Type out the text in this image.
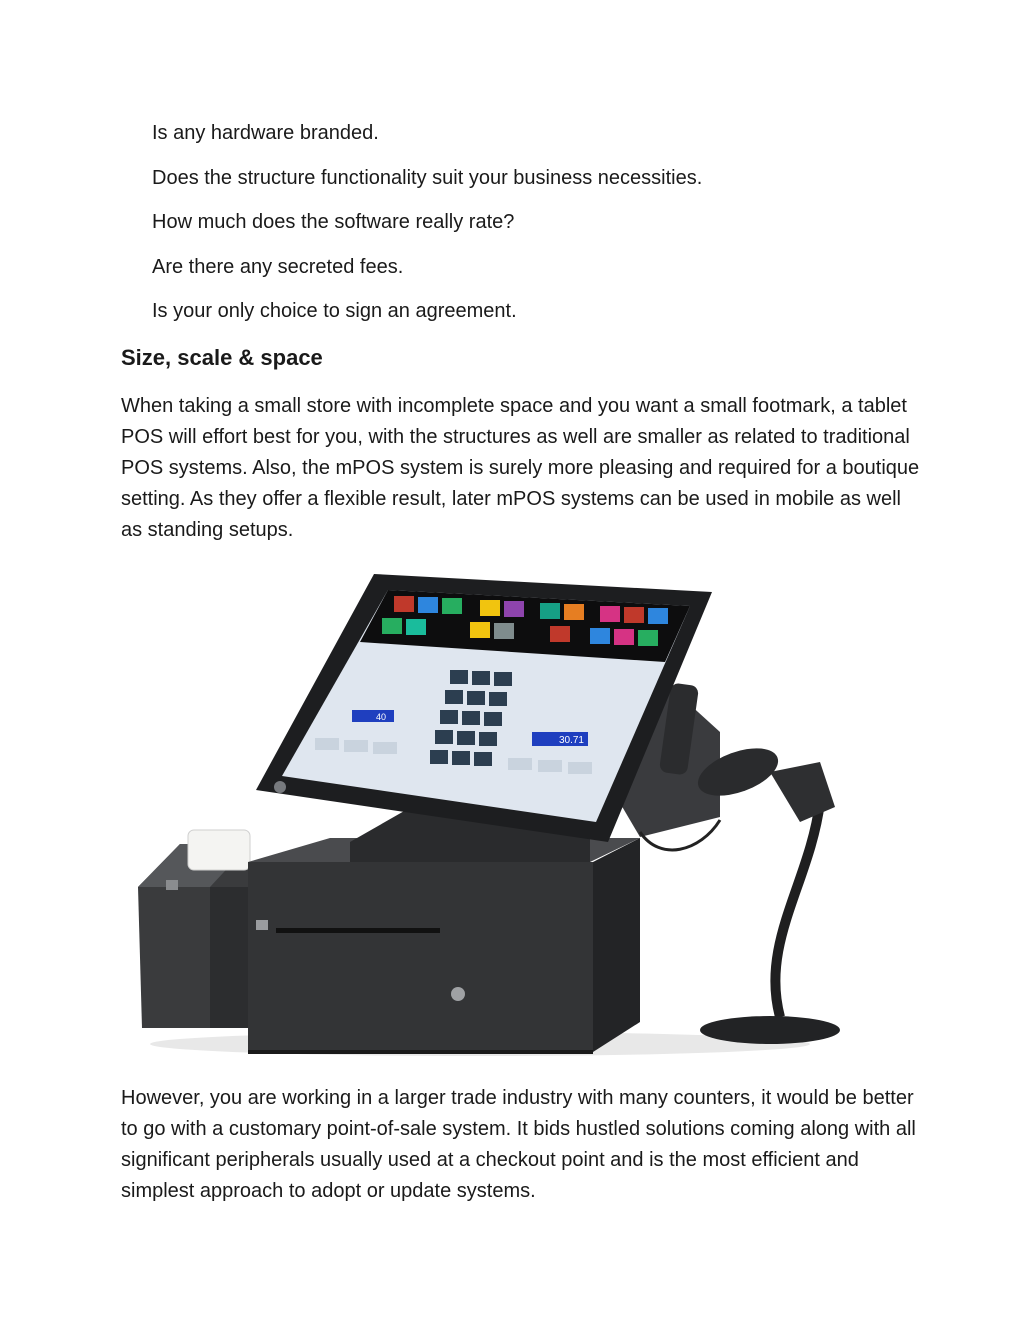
Is any hardware branded.
Does the structure functionality suit your business necessities.
How much does the software really rate?
Are there any secreted fees.
Is your only choice to sign an agreement.
Size, scale & space

When taking a small store with incomplete space and you want a small footmark, a tablet POS will effort best for you, with the structures as well are smaller as related to traditional POS systems. Also, the mPOS system is surely more pleasing and required for a boutique setting. As they offer a flexible result, later mPOS systems can be used in mobile as well as standing setups.

40
30.71

However, you are working in a larger trade industry with many counters, it would be better to go with a customary point-of-sale system. It bids hustled solutions coming along with all significant peripherals usually used at a checkout point and is the most efficient and simplest approach to adopt or update systems.
